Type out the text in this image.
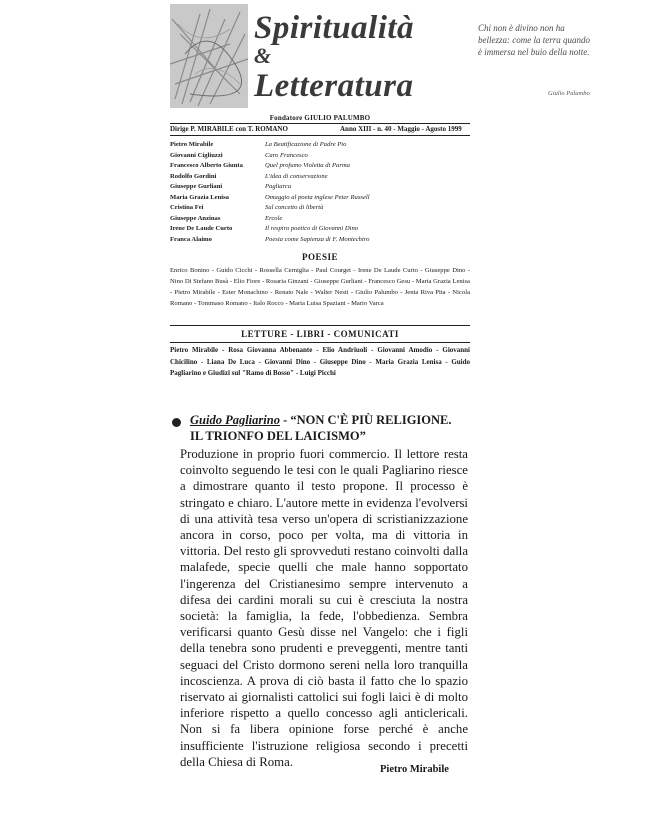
Spiritualità
&
Letteratura
Chi non è divino non ha bellezza: come la terra quando è immersa nel buio della notte.
Giulio Palumbo
Fondatore GIULIO PALUMBO
Dirige P. MIRABILE con T. ROMANO	Anno XIII - n. 40 - Maggio - Agosto 1999
Pietro Mirabile	La Beatificazione di Padre Pio
Giovanni Cigliuzzi	Caro Francesco
Francesco Alberto Giunta	Quel profumo Violetta di Parma
Rodolfo Gordini	L'idea di conservazione
Giuseppe Gurliani	Pagliarca
Maria Grazia Lenisa	Omaggio al poeta inglese Peter Russell
Cristina Fei	Sul concetto di libertà
Giuseppe Anzinas	Ercole
Irene De Laude Curto	Il respiro poetico di Giovanni Dino
Franca Alaimo	Poesia come Sapienza di F. Montechiro
POESIE
Enrico Bonino - Guido Cicchi - Rossella Cerniglia - Paul Courget - Irene De Laude Curto - Giuseppe Dino - Nino Di Stefano Busà - Elio Fiore - Rosaria Ginzani - Giuseppe Gurliani - Francesco Gesu - Maria Grazia Lenisa - Pietro Mirabile - Ester Monachino - Renato Nale - Walter Nesti - Giulio Palumbo - Jenta Riva Pita - Nicola Romano - Tommaso Romano - Italo Rocco - Maria Luisa Spaziani - Mario Varca
LETTURE - LIBRI - COMUNICATI
Pietro Mirabile - Rosa Giovanna Abbenante - Elio Andriuoli - Giovanni Amodio - Giovanni Chicilino - Liana De Luca - Giovanni Dino - Giuseppe Dino - Maria Grazia Lenisa - Guido Pagliarino e Giudizi sul "Ramo di Bosso" - Luigi Picchi
Guido Pagliarino - “NON C'È PIÙ RELIGIONE. IL TRIONFO DEL LAICISMO”
Produzione in proprio fuori commercio. Il lettore resta coinvolto seguendo le tesi con le quali Pagliarino riesce a dimostrare quanto il testo propone. Il processo è stringato e chiaro. L'autore mette in evidenza l'evolversi di una attività tesa verso un'opera di scristianizzazione ancora in corso, poco per volta, ma di vittoria in vittoria. Del resto gli sprovveduti restano coinvolti dalla malafede, specie quelli che male hanno sopportato l'ingerenza del Cristianesimo sempre intervenuto a difesa dei cardini morali su cui è cresciuta la nostra società: la famiglia, la fede, l'obbedienza. Sembra verificarsi quanto Gesù disse nel Vangelo: che i figli della tenebra sono prudenti e preveggenti, mentre tanti seguaci del Cristo dormono sereni nella loro tranquilla incoscienza. A prova di ciò basta il fatto che lo spazio riservato ai giornalisti cattolici sui fogli laici è di molto inferiore rispetto a quello concesso agli anticlericali. Non si fa libera opinione forse perché è anche insufficiente l'istruzione religiosa secondo i precetti della Chiesa di Roma.
Pietro Mirabile
